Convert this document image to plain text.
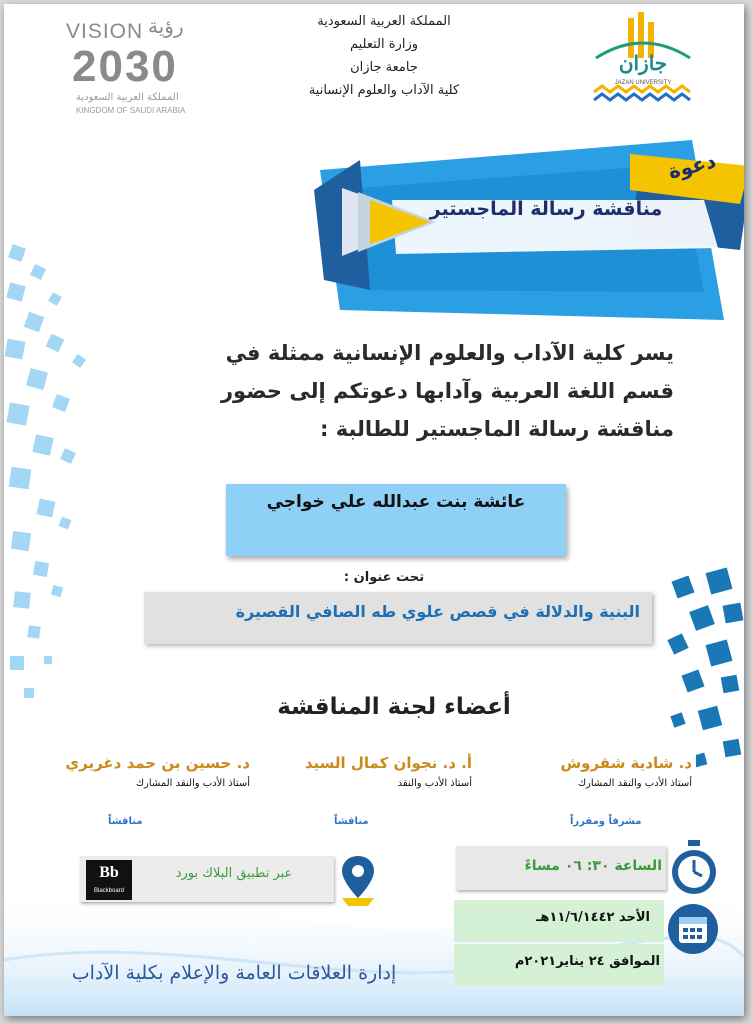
جازان
JAZAN UNIVERSITY
VISION رؤية
2030
المملكة العربية السعودية
KINGDOM OF SAUDI ARABIA
المملكة العربية السعودية
وزارة التعليم
جامعة جازان
كلية الآداب والعلوم الإنسانية
مناقشة رسالة الماجستير
دعوة
يسر كلية الآداب والعلوم الإنسانية ممثلة في
قسم اللغة العربية وآدابها دعوتكم إلى حضور
مناقشة رسالة الماجستير للطالبة :
عائشة بنت عبدالله علي خواجي
تحت عنوان :
البنية والدلالة في قصص علوي طه الصافي القصيرة
أعضاء لجنة المناقشة
د. شادية شقروش
أستاذ الأدب والنقد المشارك
أ. د. نجوان كمال السيد
أستاذ الأدب والنقد
د. حسين بن حمد دغريري
أستاذ الأدب والنقد المشارك
مشرفاً ومقرراً
مناقشاً
مناقشاً
Bb
Blackboard
عبر تطبيق البلاك بورد	الساعة ٣٠: ٠٦ مساءً
الأحد ١١/٦/١٤٤٢هـ
الموافق ٢٤ يناير٢٠٢١م
إدارة العلاقات العامة والإعلام بكلية الآداب
